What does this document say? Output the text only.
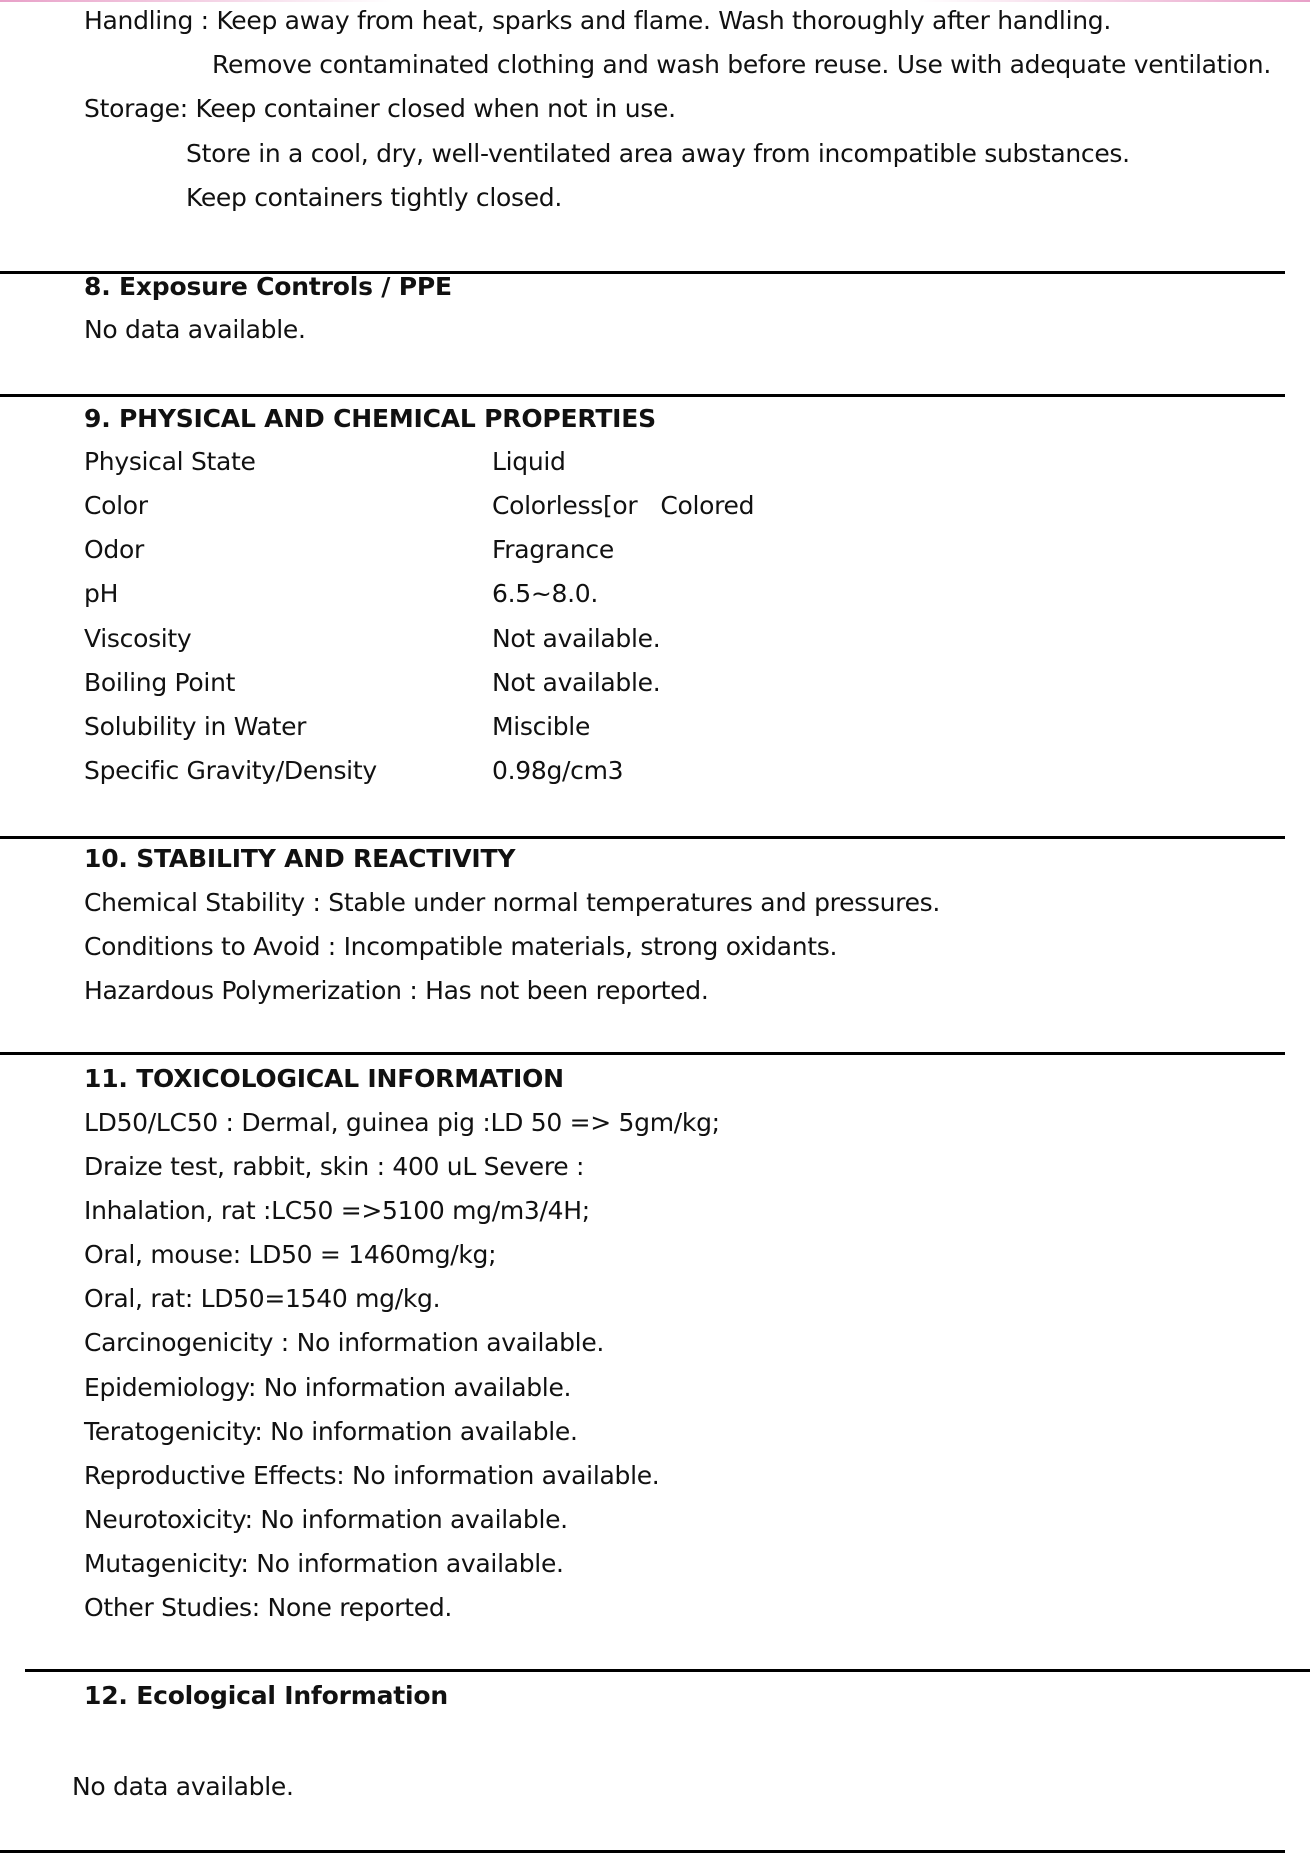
Handling : Keep away from heat, sparks and flame. Wash thoroughly after handling.
Remove contaminated clothing and wash before reuse. Use with adequate ventilation.
Storage: Keep container closed when not in use.
Store in a cool, dry, well-ventilated area away from incompatible substances.
Keep containers tightly closed.
8. Exposure Controls / PPE
No data available.
9. PHYSICAL AND CHEMICAL PROPERTIES
Physical State	Liquid
Color	Colorless[or   Colored
Odor	Fragrance
pH	6.5~8.0.
Viscosity	Not available.
Boiling Point	Not available.
Solubility in Water	Miscible
Specific Gravity/Density	0.98g/cm3
10. STABILITY AND REACTIVITY
Chemical Stability : Stable under normal temperatures and pressures.
Conditions to Avoid : Incompatible materials, strong oxidants.
Hazardous Polymerization : Has not been reported.
11. TOXICOLOGICAL INFORMATION
LD50/LC50 : Dermal, guinea pig :LD 50 => 5gm/kg;
Draize test, rabbit, skin : 400 uL Severe :
Inhalation, rat :LC50 =>5100 mg/m3/4H;
Oral, mouse: LD50 = 1460mg/kg;
Oral, rat: LD50=1540 mg/kg.
Carcinogenicity : No information available.
Epidemiology: No information available.
Teratogenicity: No information available.
Reproductive Effects: No information available.
Neurotoxicity: No information available.
Mutagenicity: No information available.
Other Studies: None reported.
12. Ecological Information
No data available.
